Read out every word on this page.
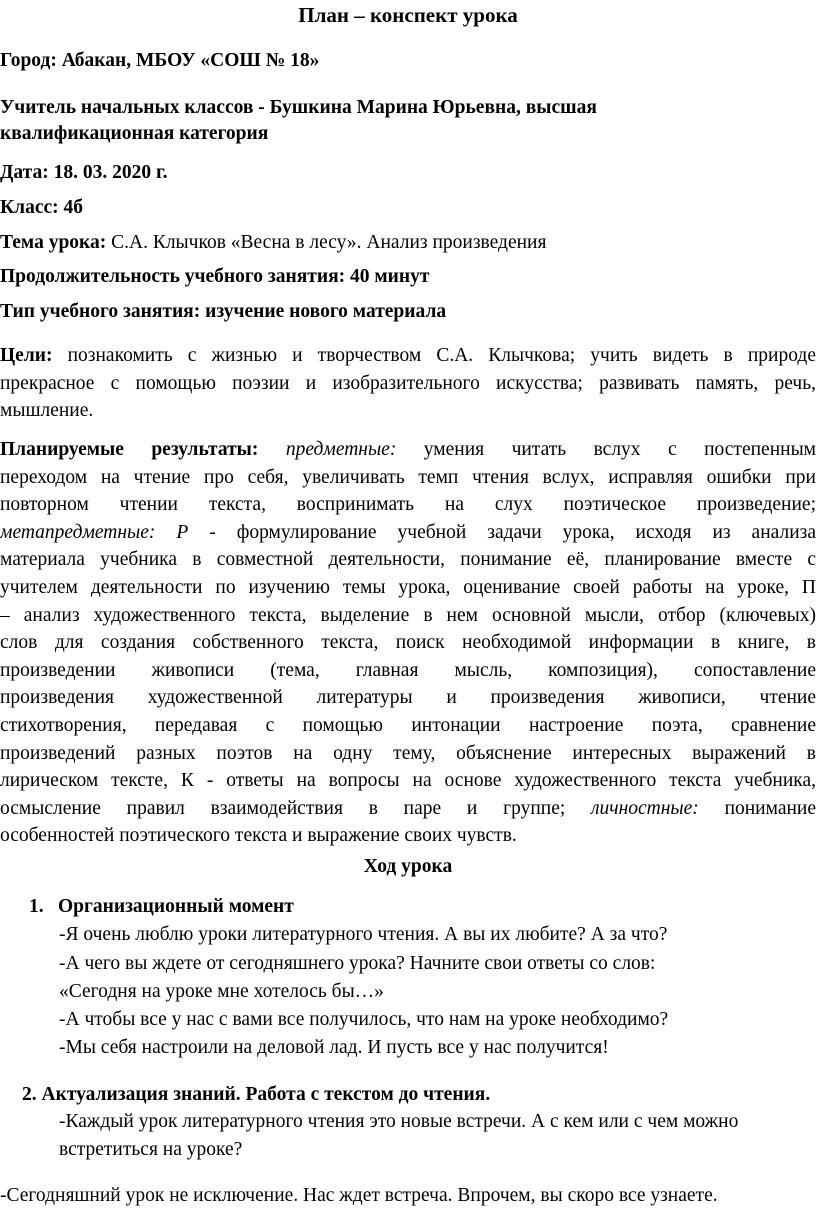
План – конспект урока
Город: Абакан, МБОУ «СОШ № 18»
Учитель начальных классов - Бушкина Марина Юрьевна, высшая
квалификационная категория
Дата: 18. 03. 2020 г.
Класс: 4б
Тема урока: С.А. Клычков «Весна в лесу». Анализ произведения
Продолжительность учебного занятия: 40 минут
Тип учебного занятия: изучение нового материала
Цели: познакомить с жизнью и творчеством С.А. Клычкова; учить видеть в природе
прекрасное с помощью поэзии и изобразительного искусства; развивать память, речь,
мышление.
Планируемые результаты: предметные: умения читать вслух с постепенным
переходом на чтение про себя, увеличивать темп чтения вслух, исправляя ошибки при
повторном чтении текста, воспринимать на слух поэтическое произведение;
метапредметные: Р - формулирование учебной задачи урока, исходя из анализа
материала учебника в совместной деятельности, понимание её, планирование вместе с
учителем деятельности по изучению темы урока, оценивание своей работы на уроке, П
– анализ художественного текста, выделение в нем основной мысли, отбор (ключевых)
слов для создания собственного текста, поиск необходимой информации в книге, в
произведении живописи (тема, главная мысль, композиция), сопоставление
произведения художественной литературы и произведения живописи, чтение
стихотворения, передавая с помощью интонации настроение поэта, сравнение
произведений разных поэтов на одну тему, объяснение интересных выражений в
лирическом тексте, К - ответы на вопросы на основе художественного текста учебника,
осмысление правил взаимодействия в паре и группе; личностные: понимание
особенностей поэтического текста и выражение своих чувств.
Ход урока
1. Организационный момент
-Я очень люблю уроки литературного чтения. А вы их любите? А за что?
-А чего вы ждете от сегодняшнего урока? Начните свои ответы со слов:
«Сегодня на уроке мне хотелось бы…»
-А чтобы все у нас с вами все получилось, что нам на уроке необходимо?
-Мы себя настроили на деловой лад. И пусть все у нас получится!
2. Актуализация знаний. Работа с текстом до чтения.
-Каждый урок литературного чтения это новые встречи. А с кем или с чем можно
встретиться на уроке?
-Сегодняшний урок не исключение. Нас ждет встреча. Впрочем, вы скоро все узнаете.
